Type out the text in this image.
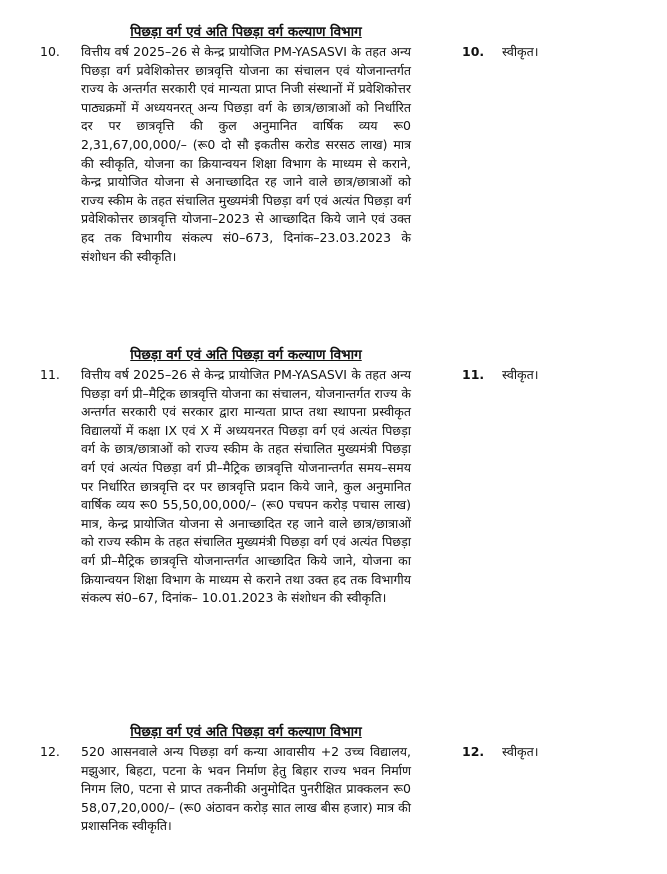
पिछड़ा वर्ग एवं अति पिछड़ा वर्ग कल्याण विभाग
10. वित्तीय वर्ष 2025–26 से केन्द्र प्रायोजित PM-YASASVI के तहत अन्य पिछड़ा वर्ग प्रवेशिकोत्तर छात्रवृत्ति योजना का संचालन एवं योजनान्तर्गत राज्य के अन्तर्गत सरकारी एवं मान्यता प्राप्त निजी संस्थानों में प्रवेशिकोत्तर पाठ्यक्रमों में अध्ययनरत् अन्य पिछड़ा वर्ग के छात्र/छात्राओं को निर्धारित दर पर छात्रवृत्ति की कुल अनुमानित वार्षिक व्यय रू0 2,31,67,00,000/– (रू0 दो सौ इकतीस करोड सरसठ लाख) मात्र की स्वीकृति, योजना का क्रियान्वयन शिक्षा विभाग के माध्यम से कराने, केन्द्र प्रायोजित योजना से अनाच्छादित रह जाने वाले छात्र/छात्राओं को राज्य स्कीम के तहत संचालित मुख्यमंत्री पिछड़ा वर्ग एवं अत्यंत पिछड़ा वर्ग प्रवेशिकोत्तर छात्रवृत्ति योजना–2023 से आच्छादित किये जाने एवं उक्त हद तक विभागीय संकल्प सं0–673, दिनांक–23.03.2023 के संशोधन की स्वीकृति।
10. स्वीकृत।
पिछड़ा वर्ग एवं अति पिछड़ा वर्ग कल्याण विभाग
11. वित्तीय वर्ष 2025–26 से केन्द्र प्रायोजित PM-YASASVI के तहत अन्य पिछड़ा वर्ग प्री–मैट्रिक छात्रवृत्ति योजना का संचालन, योजनान्तर्गत राज्य के अन्तर्गत सरकारी एवं सरकार द्वारा मान्यता प्राप्त तथा स्थापना प्रस्वीकृत विद्यालयों में कक्षा IX एवं X में अध्ययनरत पिछड़ा वर्ग एवं अत्यंत पिछड़ा वर्ग के छात्र/छात्राओं को राज्य स्कीम के तहत संचालित मुख्यमंत्री पिछड़ा वर्ग एवं अत्यंत पिछड़ा वर्ग प्री–मैट्रिक छात्रवृत्ति योजनान्तर्गत समय–समय पर निर्धारित छात्रवृत्ति दर पर छात्रवृत्ति प्रदान किये जाने, कुल अनुमानित वार्षिक व्यय रू0 55,50,00,000/– (रू0 पचपन करोड़ पचास लाख) मात्र, केन्द्र प्रायोजित योजना से अनाच्छादित रह जाने वाले छात्र/छात्राओं को राज्य स्कीम के तहत संचालित मुख्यमंत्री पिछड़ा वर्ग एवं अत्यंत पिछड़ा वर्ग प्री–मैट्रिक छात्रवृत्ति योजनान्तर्गत आच्छादित किये जाने, योजना का क्रियान्वयन शिक्षा विभाग के माध्यम से कराने तथा उक्त हद तक विभागीय संकल्प सं0–67, दिनांक– 10.01.2023 के संशोधन की स्वीकृति।
11. स्वीकृत।
पिछड़ा वर्ग एवं अति पिछड़ा वर्ग कल्याण विभाग
12. 520 आसनवाले अन्य पिछड़ा वर्ग कन्या आवासीय +2 उच्च विद्यालय, मझुआर, बिहटा, पटना के भवन निर्माण हेतु बिहार राज्य भवन निर्माण निगम लि0, पटना से प्राप्त तकनीकी अनुमोदित पुनरीक्षित प्राक्कलन रू0 58,07,20,000/– (रू0 अंठावन करोड़ सात लाख बीस हजार) मात्र की प्रशासनिक स्वीकृति।
12. स्वीकृत।
